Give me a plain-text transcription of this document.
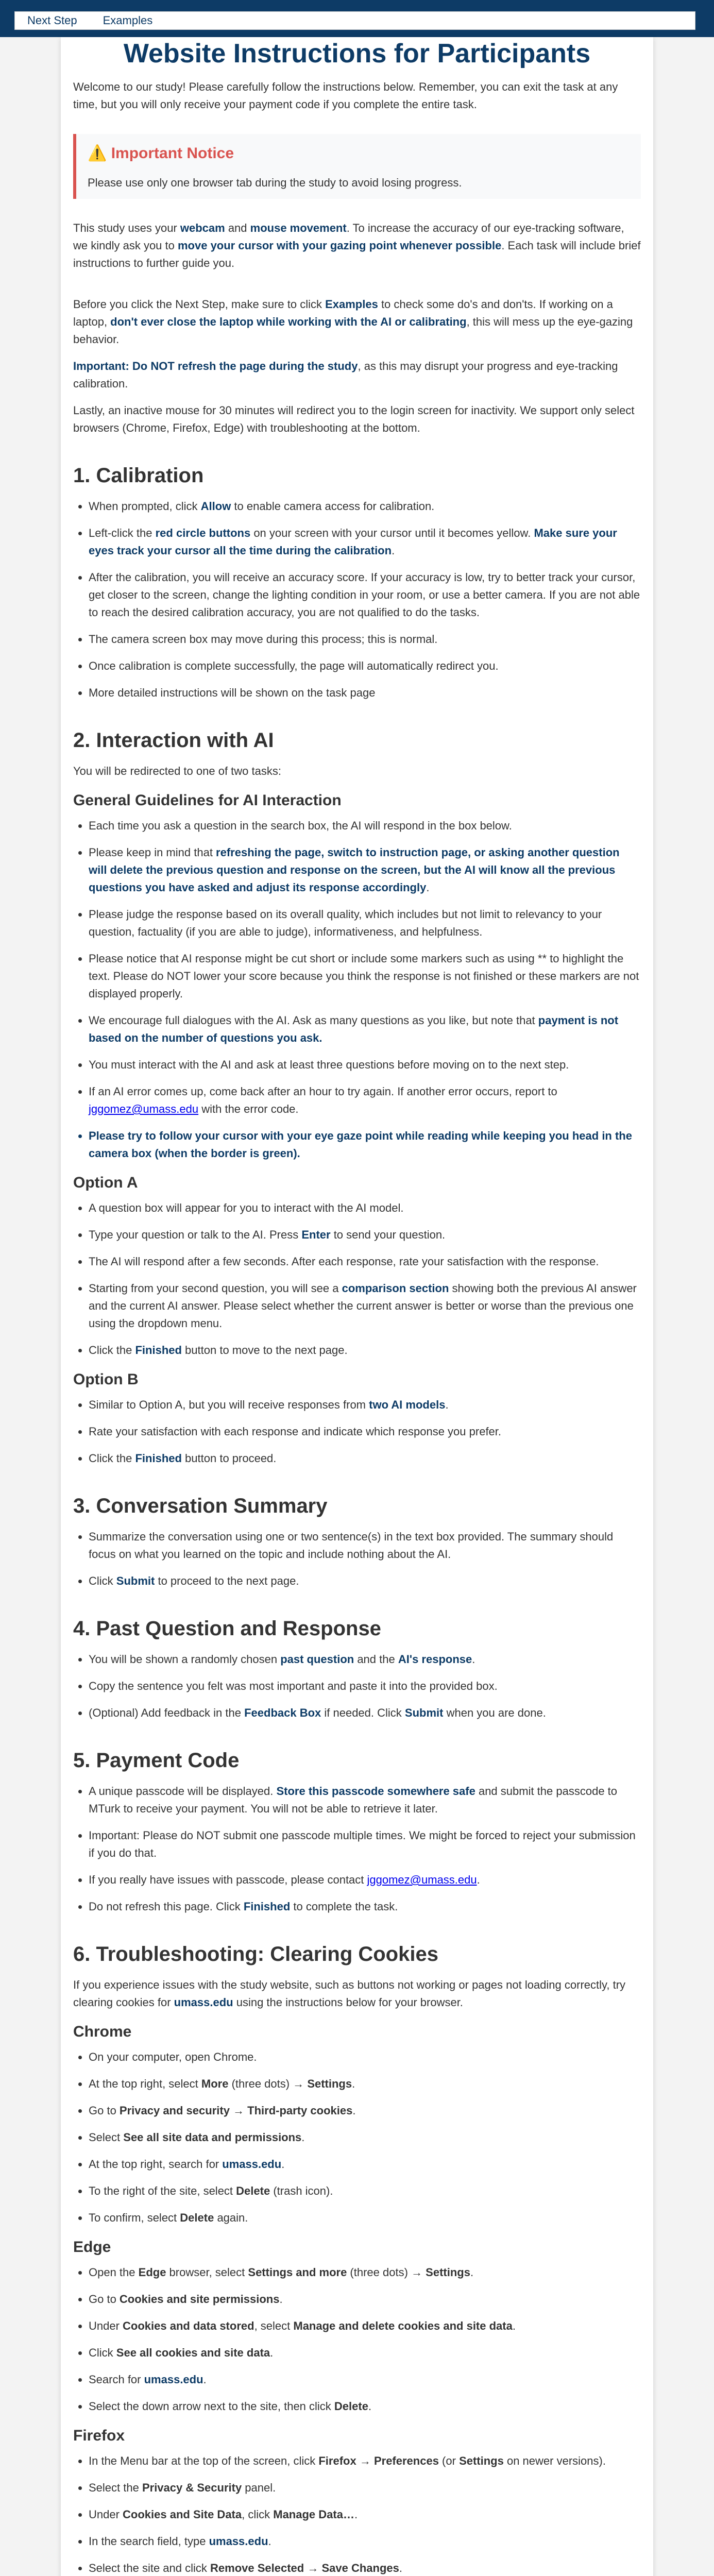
Next Step Examples
Website Instructions for Participants

Welcome to our study! Please carefully follow the instructions below. Remember, you can exit the task at any time, but you will only receive your payment code if you complete the entire task.

⚠️ Important Notice

Please use only one browser tab during the study to avoid losing progress.

This study uses your webcam and mouse movement. To increase the accuracy of our eye-tracking software, we kindly ask you to move your cursor with your gazing point whenever possible. Each task will include brief instructions to further guide you.

Before you click the Next Step, make sure to click Examples to check some do's and don'ts. If working on a laptop, don't ever close the laptop while working with the AI or calibrating, this will mess up the eye-gazing behavior.

Important: Do NOT refresh the page during the study, as this may disrupt your progress and eye-tracking calibration.

Lastly, an inactive mouse for 30 minutes will redirect you to the login screen for inactivity. We support only select browsers (Chrome, Firefox, Edge) with troubleshooting at the bottom.

1. Calibration
• When prompted, click Allow to enable camera access for calibration.
• Left-click the red circle buttons on your screen with your cursor until it becomes yellow. Make sure your eyes track your cursor all the time during the calibration.
• After the calibration, you will receive an accuracy score. If your accuracy is low, try to better track your cursor, get closer to the screen, change the lighting condition in your room, or use a better camera. If you are not able to reach the desired calibration accuracy, you are not qualified to do the tasks.
• The camera screen box may move during this process; this is normal.
• Once calibration is complete successfully, the page will automatically redirect you.
• More detailed instructions will be shown on the task page
2. Interaction with AI

You will be redirected to one of two tasks:

General Guidelines for AI Interaction
• Each time you ask a question in the search box, the AI will respond in the box below.
• Please keep in mind that refreshing the page, switch to instruction page, or asking another question will delete the previous question and response on the screen, but the AI will know all the previous questions you have asked and adjust its response accordingly.
• Please judge the response based on its overall quality, which includes but not limit to relevancy to your question, factuality (if you are able to judge), informativeness, and helpfulness.
• Please notice that AI response might be cut short or include some markers such as using ** to highlight the text. Please do NOT lower your score because you think the response is not finished or these markers are not displayed properly.
• We encourage full dialogues with the AI. Ask as many questions as you like, but note that payment is not based on the number of questions you ask.
• You must interact with the AI and ask at least three questions before moving on to the next step.
• If an AI error comes up, come back after an hour to try again. If another error occurs, report to jggomez@umass.edu with the error code.
• Please try to follow your cursor with your eye gaze point while reading while keeping you head in the camera box (when the border is green).
Option A
• A question box will appear for you to interact with the AI model.
• Type your question or talk to the AI. Press Enter to send your question.
• The AI will respond after a few seconds. After each response, rate your satisfaction with the response.
• Starting from your second question, you will see a comparison section showing both the previous AI answer and the current AI answer. Please select whether the current answer is better or worse than the previous one using the dropdown menu.
• Click the Finished button to move to the next page.
Option B
• Similar to Option A, but you will receive responses from two AI models.
• Rate your satisfaction with each response and indicate which response you prefer.
• Click the Finished button to proceed.
3. Conversation Summary
• Summarize the conversation using one or two sentence(s) in the text box provided. The summary should focus on what you learned on the topic and include nothing about the AI.
• Click Submit to proceed to the next page.
4. Past Question and Response
• You will be shown a randomly chosen past question and the AI's response.
• Copy the sentence you felt was most important and paste it into the provided box.
• (Optional) Add feedback in the Feedback Box if needed. Click Submit when you are done.
5. Payment Code
• A unique passcode will be displayed. Store this passcode somewhere safe and submit the passcode to MTurk to receive your payment. You will not be able to retrieve it later.
• Important: Please do NOT submit one passcode multiple times. We might be forced to reject your submission if you do that.
• If you really have issues with passcode, please contact jggomez@umass.edu.
• Do not refresh this page. Click Finished to complete the task.
6. Troubleshooting: Clearing Cookies

If you experience issues with the study website, such as buttons not working or pages not loading correctly, try clearing cookies for umass.edu using the instructions below for your browser.

Chrome
• On your computer, open Chrome.
• At the top right, select More (three dots) → Settings.
• Go to Privacy and security → Third-party cookies.
• Select See all site data and permissions.
• At the top right, search for umass.edu.
• To the right of the site, select Delete (trash icon).
• To confirm, select Delete again.
Edge
• Open the Edge browser, select Settings and more (three dots) → Settings.
• Go to Cookies and site permissions.
• Under Cookies and data stored, select Manage and delete cookies and site data.
• Click See all cookies and site data.
• Search for umass.edu.
• Select the down arrow next to the site, then click Delete.
Firefox
• In the Menu bar at the top of the screen, click Firefox → Preferences (or Settings on newer versions).
• Select the Privacy & Security panel.
• Under Cookies and Site Data, click Manage Data….
• In the search field, type umass.edu.
• Select the site and click Remove Selected → Save Changes.
